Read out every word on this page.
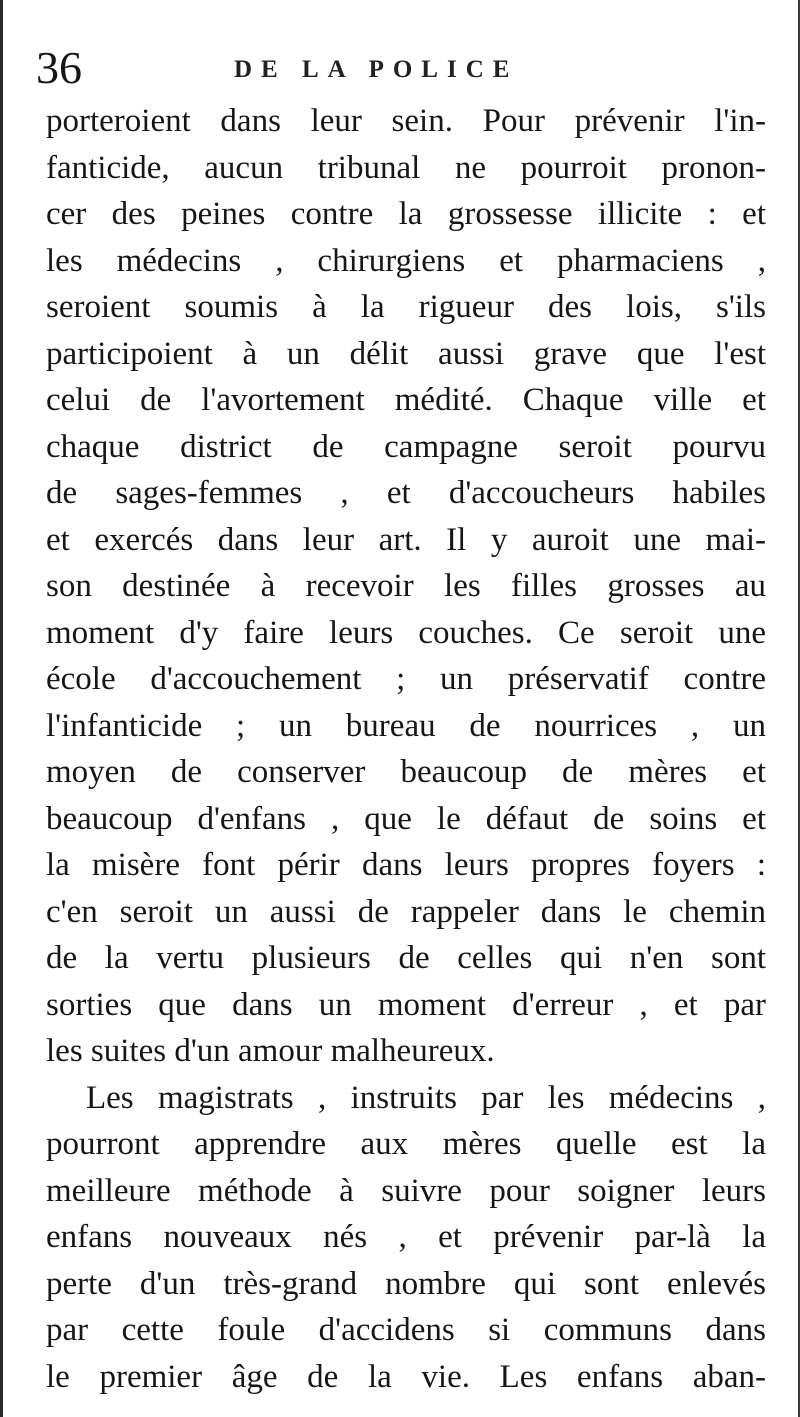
36	DE LA POLICE
porteroient dans leur sein. Pour prévenir l'in-
fanticide, aucun tribunal ne pourroit pronon-
cer des peines contre la grossesse illicite : et
les médecins , chirurgiens et pharmaciens ,
seroient soumis à la rigueur des lois, s'ils
participoient à un délit aussi grave que l'est
celui de l'avortement médité. Chaque ville et
chaque district de campagne seroit pourvu
de sages-femmes , et d'accoucheurs habiles
et exercés dans leur art. Il y auroit une mai-
son destinée à recevoir les filles grosses au
moment d'y faire leurs couches. Ce seroit une
école d'accouchement ; un préservatif contre
l'infanticide ; un bureau de nourrices , un
moyen de conserver beaucoup de mères et
beaucoup d'enfans , que le défaut de soins et
la misère font périr dans leurs propres foyers :
c'en seroit un aussi de rappeler dans le chemin
de la vertu plusieurs de celles qui n'en sont
sorties que dans un moment d'erreur , et par
les suites d'un amour malheureux.
Les magistrats , instruits par les médecins ,
pourront apprendre aux mères quelle est la
meilleure méthode à suivre pour soigner leurs
enfans nouveaux nés , et prévenir par-là la
perte d'un très-grand nombre qui sont enlevés
par cette foule d'accidens si communs dans
le premier âge de la vie. Les enfans aban-
